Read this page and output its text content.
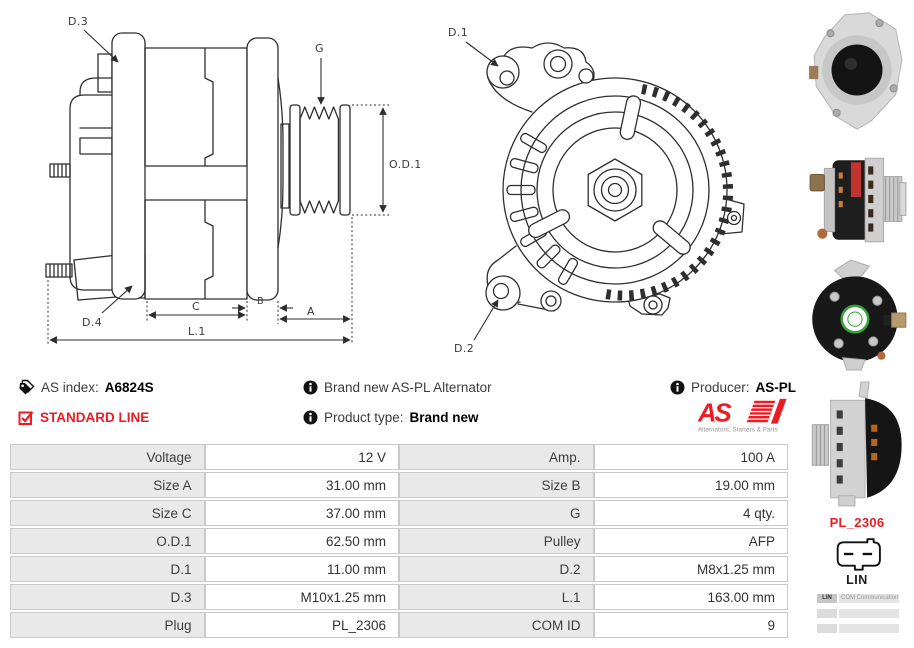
D.3
G
O.D.1
D.4
C	B
A
L.1
D.1
D.2
PL_2306
LIN
LIN	COM Communication
AS index: A6824S	Brand new AS-PL Alternator	Producer: AS-PL
STANDARD LINE	Product type: Brand new	AS
Alternators, Starters & Parts
Voltage	12 V	Amp.	100 A
Size A	31.00 mm	Size B	19.00 mm
Size C	37.00 mm	G	4 qty.
O.D.1	62.50 mm	Pulley	AFP
D.1	11.00 mm	D.2	M8x1.25 mm
D.3	M10x1.25 mm	L.1	163.00 mm
Plug	PL_2306	COM ID	9
